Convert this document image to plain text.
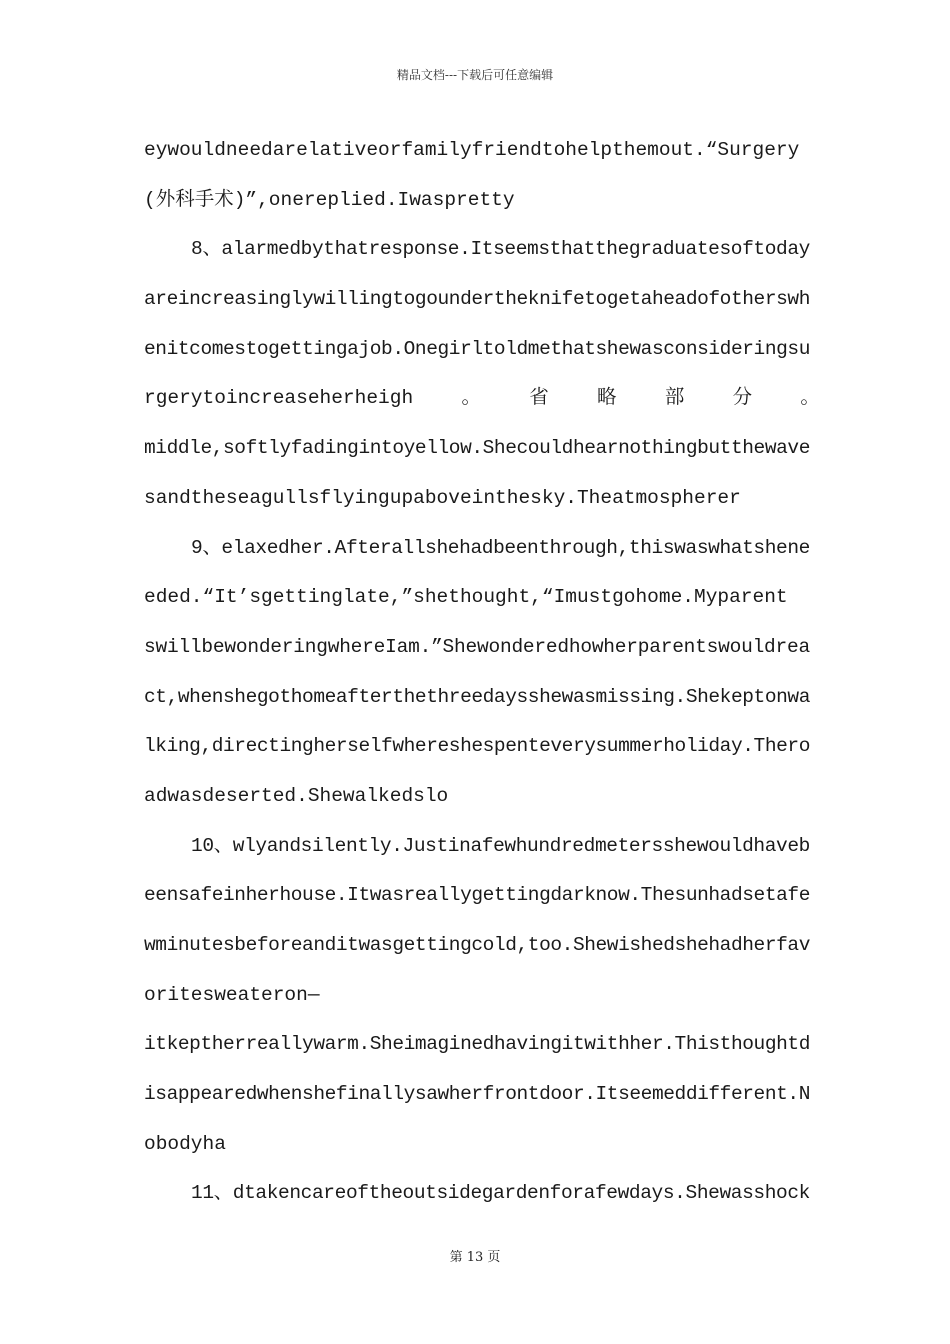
精品文档---下载后可任意编辑
eywouldneedarelativeorfamilyfriendtohelpthemout.“Surgery
(外科手术)”,onereplied.Iwaspretty
8、alarmedbythatresponse.Itseemsthatthegraduatesoftoday
areincreasinglywillingtogoundertheknifetogetaheadofotherswh
enitcomestogettingajob.Onegirltoldmethatshewasconsideringsu
rgerytoincreaseherheigh 。 省 略 部 分 。
middle,softlyfadingintoyellow.Shecouldhearnothingbutthewave
sandtheseagullsflyingupaboveinthesky.Theatmospherer
9、elaxedher.Afterallshehadbeenthrough,thiswaswhatshene
eded.“It’sgettinglate,”shethought,“Imustgohome.Myparent
swillbewonderingwhereIam.”Shewonderedhowherparentswouldrea
ct,whenshegothomeafterthethreedaysshewasmissing.Shekeptonwa
lking,directingherselfwhereshespenteverysummerholiday.Thero
adwasdeserted.Shewalkedslo
10、wlyandsilently.Justinafewhundredmetersshewouldhaveb
eensafeinherhouse.Itwasreallygettingdarknow.Thesunhadsetafe
wminutesbeforeanditwasgettingcold,too.Shewishedshehadherfav
oritesweateron—
itkeptherreallywarm.Sheimaginedhavingitwithher.Thisthoughtd
isappearedwhenshefinallysawherfrontdoor.Itseemeddifferent.N
obodyha
11、dtakencareoftheoutsidegardenforafewdays.Shewasshock
第 13 页
